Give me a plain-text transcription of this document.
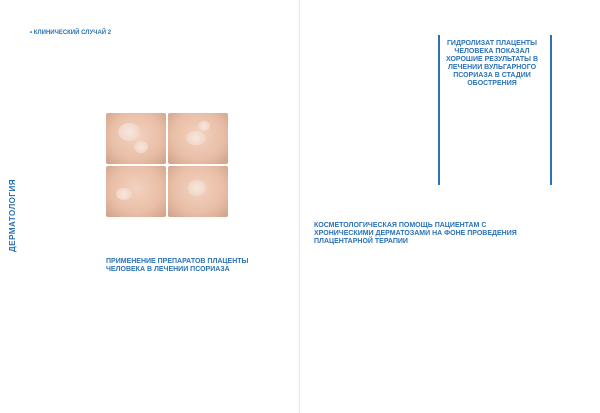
ДЕРМАТОЛОГИЯ
• КЛИНИЧЕСКИЙ СЛУЧАЙ 2
ПРИМЕНЕНИЕ ПРЕПАРАТОВ ПЛАЦЕНТЫ ЧЕЛОВЕКА В ЛЕЧЕНИИ ПСОРИАЗА
КОСМЕТОЛОГИЧЕСКАЯ ПОМОЩЬ ПАЦИЕНТАМ С ХРОНИЧЕСКИМИ ДЕРМАТОЗАМИ НА ФОНЕ ПРОВЕДЕНИЯ ПЛАЦЕНТАРНОЙ ТЕРАПИИ
ГИДРОЛИЗАТ ПЛАЦЕНТЫ ЧЕЛОВЕКА ПОКАЗАЛ ХОРОШИЕ РЕЗУЛЬТАТЫ В ЛЕЧЕНИИ ВУЛЬГАРНОГО ПСОРИАЗА В СТАДИИ ОБОСТРЕНИЯ
